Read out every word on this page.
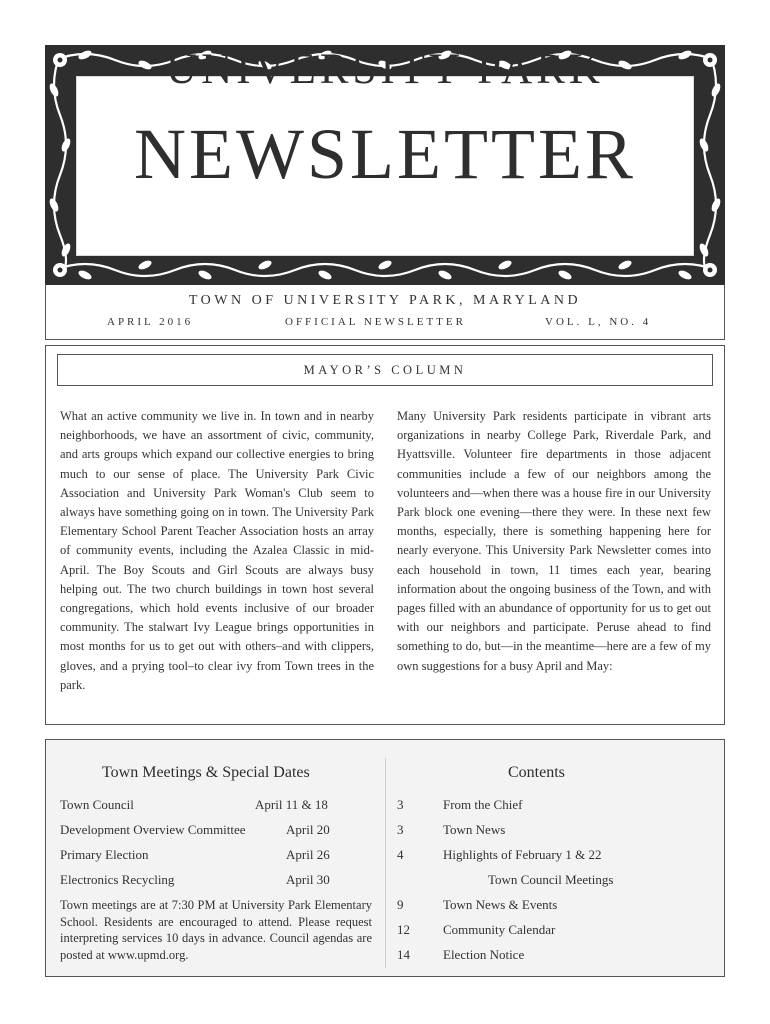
UNIVERSITY PARK
NEWSLETTER
TOWN OF UNIVERSITY PARK, MARYLAND
APRIL 2016	OFFICIAL NEWSLETTER	VOL. L, NO. 4
MAYOR’S COLUMN

What an active community we live in. In town and in nearby neighborhoods, we have an assortment of civic, community, and arts groups which expand our collective energies to bring much to our sense of place. The University Park Civic Association and University Park Woman's Club seem to always have something going on in town. The University Park Elementary School Parent Teacher Association hosts an array of community events, including the Azalea Classic in mid-April. The Boy Scouts and Girl Scouts are always busy helping out. The two church buildings in town host several congregations, which hold events inclusive of our broader community. The stalwart Ivy League brings opportunities in most months for us to get out with others–and with clippers, gloves, and a prying tool–to clear ivy from Town trees in the park.

Many University Park residents participate in vibrant arts organizations in nearby College Park, Riverdale Park, and Hyattsville. Volunteer fire departments in those adjacent communities include a few of our neighbors among the volunteers and—when there was a house fire in our University Park block one evening—there they were. In these next few months, especially, there is something happening here for nearly everyone. This University Park Newsletter comes into each household in town, 11 times each year, bearing information about the ongoing business of the Town, and with pages filled with an abundance of opportunity for us to get out with our neighbors and participate. Peruse ahead to find something to do, but—in the meantime—here are a few of my own suggestions for a busy April and May:

Town Meetings & Special Dates
Town Council	April 11 & 18
Development Overview Committee	April 20
Primary Election	April 26
Electronics Recycling	April 30

Town meetings are at 7:30 PM at University Park Elementary School. Residents are encouraged to attend. Please request interpreting services 10 days in advance. Council agendas are posted at www.upmd.org.

Contents
3	From the Chief
3	Town News
4	Highlights of February 1 & 22
Town Council Meetings
9	Town News & Events
12	Community Calendar
14	Election Notice
